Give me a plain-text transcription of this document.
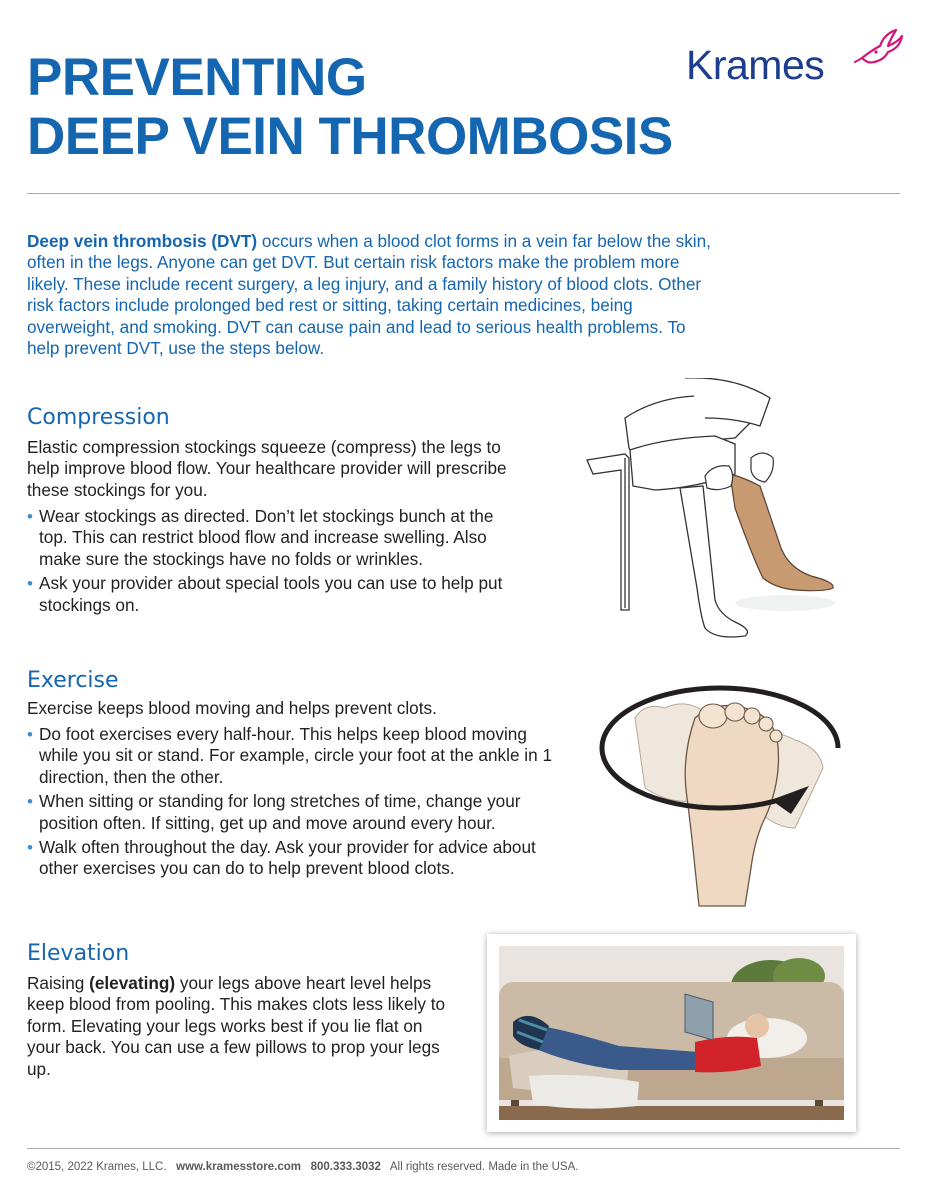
PREVENTING
DEEP VEIN THROMBOSIS
Krames

Deep vein thrombosis (DVT) occurs when a blood clot forms in a vein far below the skin, often in the legs. Anyone can get DVT. But certain risk factors make the problem more likely. These include recent surgery, a leg injury, and a family history of blood clots. Other risk factors include prolonged bed rest or sitting, taking certain medicines, being overweight, and smoking. DVT can cause pain and lead to serious health problems. To help prevent DVT, use the steps below.

Compression

Elastic compression stockings squeeze (compress) the legs to help improve blood flow. Your healthcare provider will prescribe these stockings for you.

• Wear stockings as directed. Don’t let stockings bunch at the top. This can restrict blood flow and increase swelling. Also make sure the stockings have no folds or wrinkles.
• Ask your provider about special tools you can use to help put stockings on.
Exercise

Exercise keeps blood moving and helps prevent clots.

• Do foot exercises every half-hour. This helps keep blood moving while you sit or stand. For example, circle your foot at the ankle in 1 direction, then the other.
• When sitting or standing for long stretches of time, change your position often. If sitting, get up and move around every hour.
• Walk often throughout the day. Ask your provider for advice about other exercises you can do to help prevent blood clots.
Elevation

Raising (elevating) your legs above heart level helps keep blood from pooling. This makes clots less likely to form. Elevating your legs works best if you lie flat on your back. You can use a few pillows to prop your legs up.

©2015, 2022 Krames, LLC. www.kramesstore.com 800.333.3032 All rights reserved. Made in the USA.
